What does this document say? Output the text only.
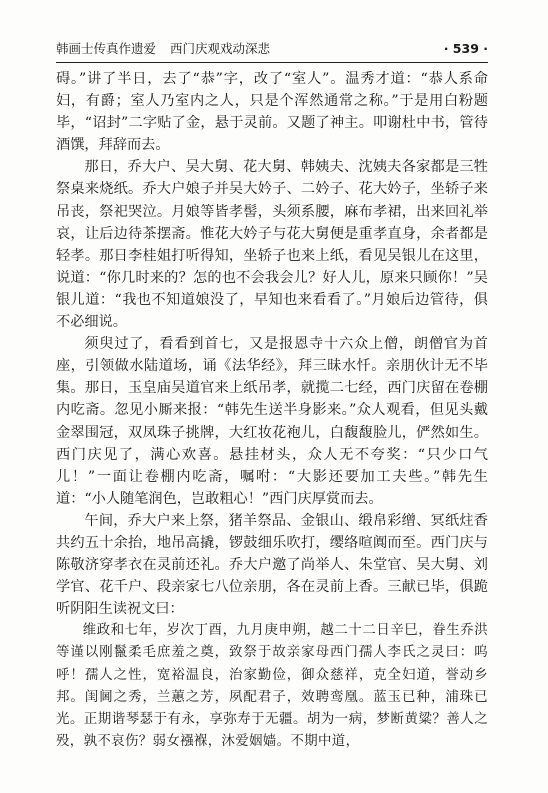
韩画士传真作遗爱 西门庆观戏动深悲	· 539 ·

碍。”讲了半日，去了“恭”字，改了“室人”。温秀才道：“恭人系命妇，有爵；室人乃室内之人，只是个浑然通常之称。”于是用白粉题毕，“诏封”二字贴了金，悬于灵前。又题了神主。叩谢杜中书，管待酒馔，拜辞而去。

那日，乔大户、吴大舅、花大舅、韩姨夫、沈姨夫各家都是三牲祭桌来烧纸。乔大户娘子并吴大妗子、二妗子、花大妗子，坐轿子来吊丧，祭祀哭泣。月娘等皆孝髻，头须系腰，麻布孝裙，出来回礼举哀，让后边待茶摆斋。惟花大妗子与花大舅便是重孝直身，余者都是轻孝。那日李桂姐打听得知，坐轿子也来上纸，看见吴银儿在这里，说道：“你几时来的？怎的也不会我会儿？好人儿，原来只顾你！”吴银儿道：“我也不知道娘没了，早知也来看看了。”月娘后边管待，俱不必细说。

须臾过了，看看到首七，又是报恩寺十六众上僧，朗僧官为首座，引领做水陆道场，诵《法华经》，拜三昧水忏。亲朋伙计无不毕集。那日，玉皇庙吴道官来上纸吊孝，就揽二七经，西门庆留在卷棚内吃斋。忽见小厮来报：“韩先生送半身影来。”众人观看，但见头戴金翠围冠，双凤珠子挑牌，大红妆花袍儿，白馥馥脸儿，俨然如生。西门庆见了，满心欢喜。悬挂材头，众人无不夸奖：“只少口气儿！”一面让卷棚内吃斋，嘱咐：“大影还要加工夫些。”韩先生道：“小人随笔润色，岂敢粗心！”西门庆厚赏而去。

午间，乔大户来上祭，猪羊祭品、金银山、缎帛彩缯、冥纸炷香共约五十余抬，地吊高撬，锣鼓细乐吹打，缨络喧阗而至。西门庆与陈敬济穿孝衣在灵前还礼。乔大户邀了尚举人、朱堂官、吴大舅、刘学官、花千户、段亲家七八位亲朋，各在灵前上香。三献已毕，俱跪听阴阳生读祝文曰：

维政和七年，岁次丁酉，九月庚申朔，越二十二日辛巳，眷生乔洪等谨以刚鬣柔毛庶羞之奠，致祭于故亲家母西门孺人李氏之灵曰：呜呼！孺人之性，宽裕温良，治家勤俭，御众慈祥，克全妇道，誉动乡邦。闺阃之秀，兰蕙之芳，夙配君子，效聘鸾凰。蓝玉已种，浦珠已光。正期谐琴瑟于有永，享弥寿于无疆。胡为一病，梦断黄粱？善人之殁，孰不哀伤？弱女襁褓，沐爱姻嫱。不期中道，
